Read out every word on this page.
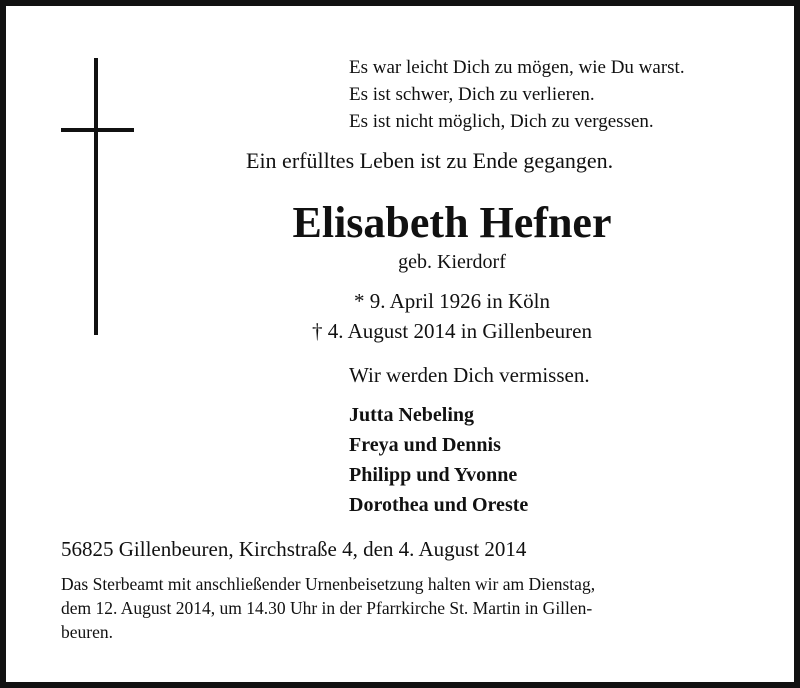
Es war leicht Dich zu mögen, wie Du warst.
Es ist schwer, Dich zu verlieren.
Es ist nicht möglich, Dich zu vergessen.
Ein erfülltes Leben ist zu Ende gegangen.
Elisabeth Hefner
geb. Kierdorf
* 9. April 1926 in Köln
† 4. August 2014 in Gillenbeuren
Wir werden Dich vermissen.
Jutta Nebeling
Freya und Dennis
Philipp und Yvonne
Dorothea und Oreste
56825 Gillenbeuren, Kirchstraße 4, den 4. August 2014
Das Sterbeamt mit anschließender Urnenbeisetzung halten wir am Dienstag,
dem 12. August 2014, um 14.30 Uhr in der Pfarrkirche St. Martin in Gillen-
beuren.
